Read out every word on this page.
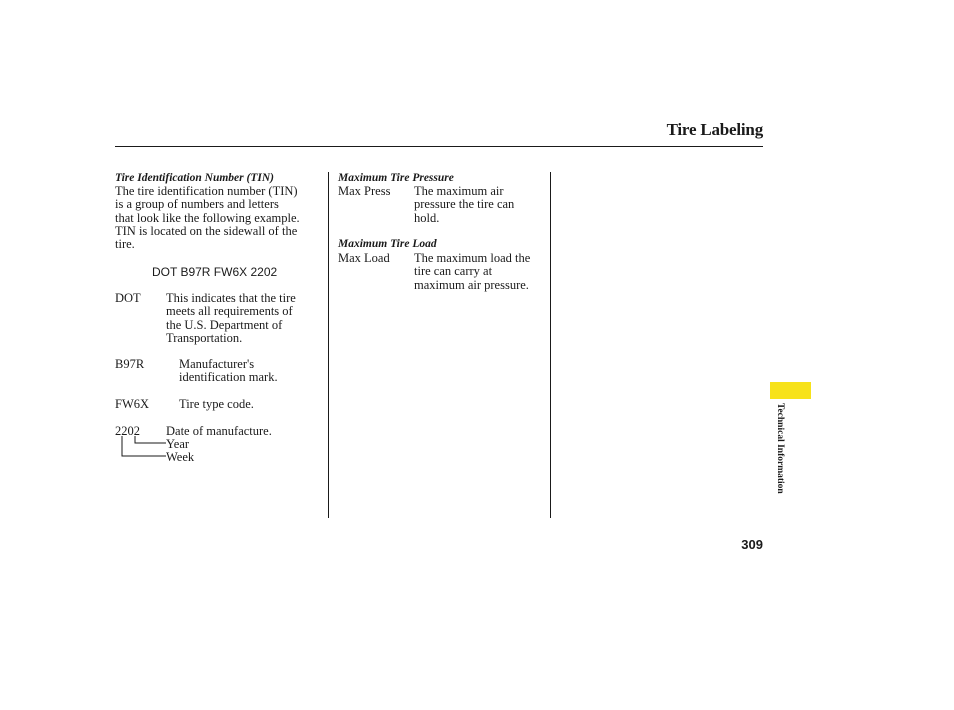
Tire Labeling
Tire Identification Number (TIN)
The tire identification number (TIN)
is a group of numbers and letters
that look like the following example.
TIN is located on the sidewall of the
tire.
DOT B97R FW6X 2202
DOT This indicates that the tire
meets all requirements of
the U.S. Department of
Transportation.
B97R	Manufacturer's
identification mark.
FW6X Tire type code.
2202 Date of manufacture.
Year
Week
Maximum Tire Pressure
Max Press The maximum air
pressure the tire can
hold.
Maximum Tire Load
Max Load The maximum load the
tire can carry at
maximum air pressure.
Technical Information
309
